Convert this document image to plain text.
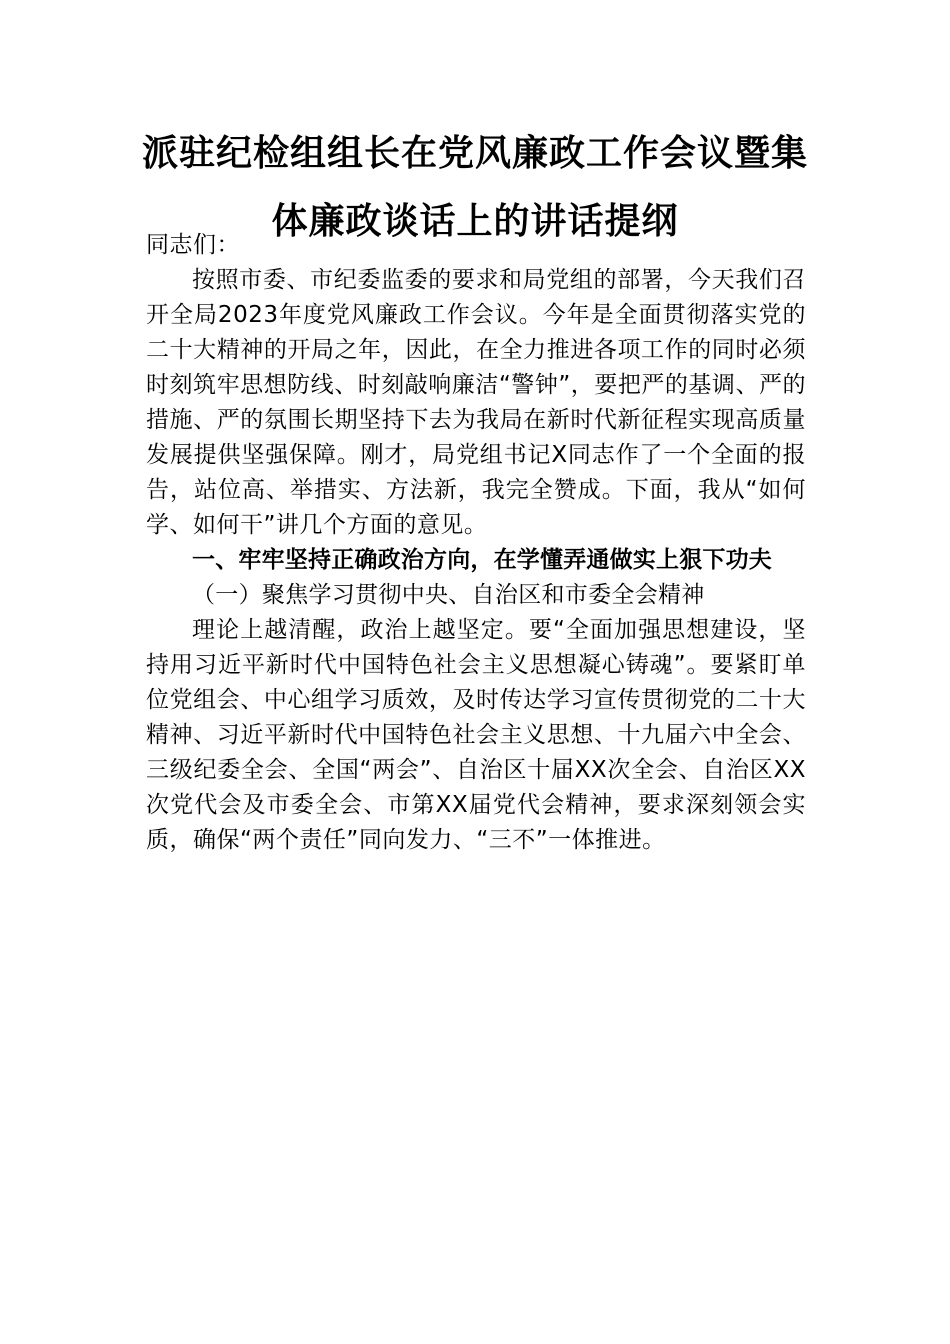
派驻纪检组组长在党风廉政工作会议暨集
体廉政谈话上的讲话提纲

同志们：

按照市委、市纪委监委的要求和局党组的部署，今天我们召开全局2023年度党风廉政工作会议。今年是全面贯彻落实党的二十大精神的开局之年，因此，在全力推进各项工作的同时必须时刻筑牢思想防线、时刻敲响廉洁“警钟”，要把严的基调、严的措施、严的氛围长期坚持下去为我局在新时代新征程实现高质量发展提供坚强保障。刚才，局党组书记X同志作了一个全面的报告，站位高、举措实、方法新，我完全赞成。下面，我从“如何学、如何干”讲几个方面的意见。

一、牢牢坚持正确政治方向，在学懂弄通做实上狠下功夫

（一）聚焦学习贯彻中央、自治区和市委全会精神

理论上越清醒，政治上越坚定。要“全面加强思想建设，坚持用习近平新时代中国特色社会主义思想凝心铸魂”。要紧盯单位党组会、中心组学习质效，及时传达学习宣传贯彻党的二十大精神、习近平新时代中国特色社会主义思想、十九届六中全会、三级纪委全会、全国“两会”、自治区十届XX次全会、自治区XX次党代会及市委全会、市第XX届党代会精神，要求深刻领会实质，确保“两个责任”同向发力、“三不”一体推进。
